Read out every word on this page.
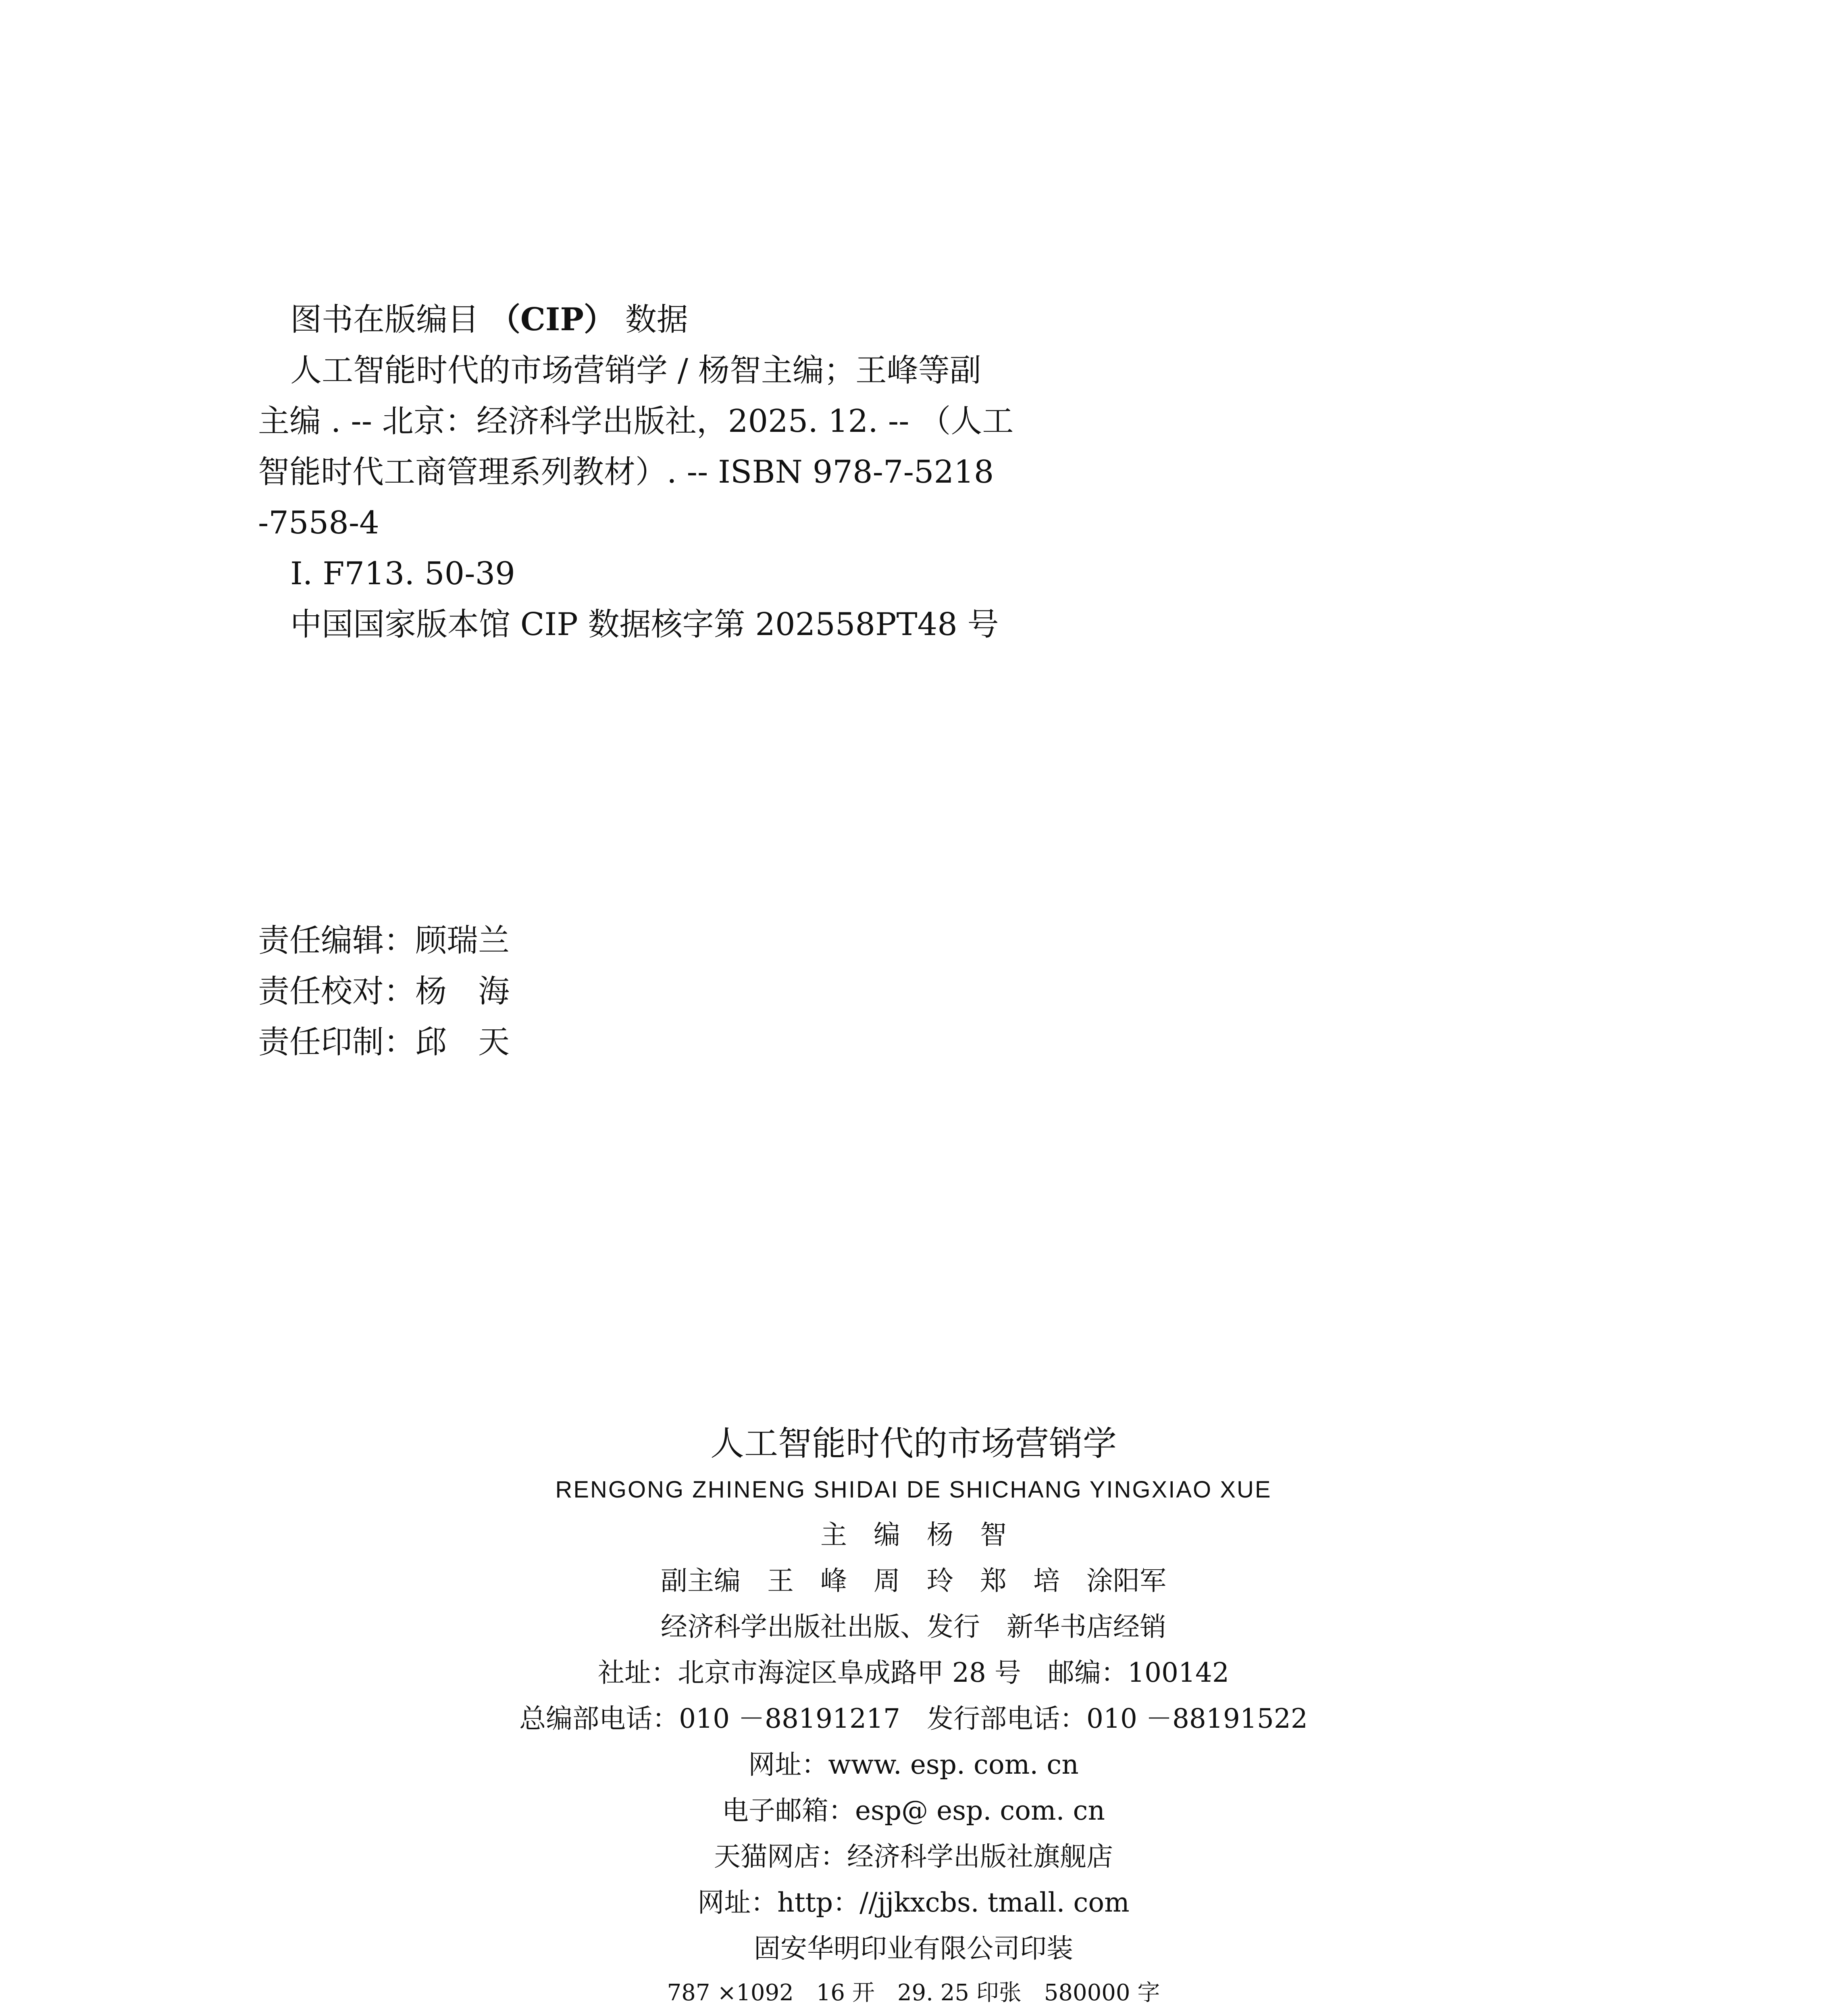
图书在版编目 （CIP） 数据
人工智能时代的市场营销学 / 杨智主编；王峰等副
主编 . -- 北京：经济科学出版社，2025. 12. -- （人工
智能时代工商管理系列教材）. -- ISBN 978-7-5218
-7558-4
Ⅰ. F713. 50-39
中国国家版本馆 CIP 数据核字第 202558PT48 号
责任编辑：顾瑞兰
责任校对：杨　海
责任印制：邱　天
人工智能时代的市场营销学
RENGONG ZHINENG SHIDAI DE SHICHANG YINGXIAO XUE
主　编　杨　智
副主编　王　峰　周　玲　郑　培　涂阳军
经济科学出版社出版、发行　新华书店经销
社址：北京市海淀区阜成路甲 28 号　邮编：100142
总编部电话：010 －88191217　发行部电话：010 －88191522
网址：www. esp. com. cn
电子邮箱：esp@ esp. com. cn
天猫网店：经济科学出版社旗舰店
网址：http：//jjkxcbs. tmall. com
固安华明印业有限公司印装
787 ×1092　16 开　29. 25 印张　580000 字
